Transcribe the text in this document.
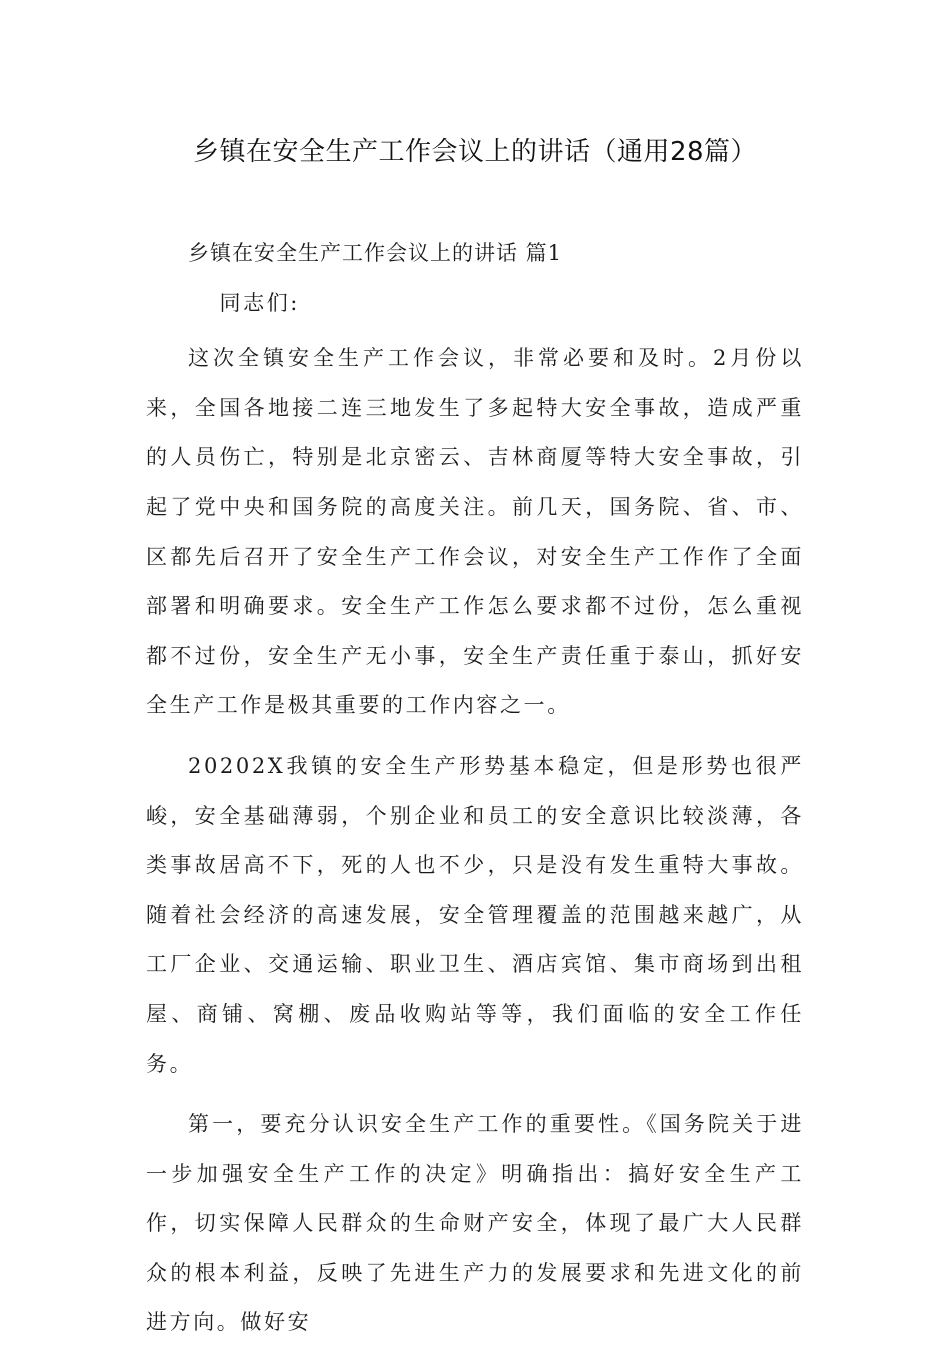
乡镇在安全生产工作会议上的讲话（通用28篇）

乡镇在安全生产工作会议上的讲话 篇1

同志们:

这次全镇安全生产工作会议，非常必要和及时。2月份以来，全国各地接二连三地发生了多起特大安全事故，造成严重的人员伤亡，特别是北京密云、吉林商厦等特大安全事故，引起了党中央和国务院的高度关注。前几天，国务院、省、市、区都先后召开了安全生产工作会议，对安全生产工作作了全面部署和明确要求。安全生产工作怎么要求都不过份，怎么重视都不过份，安全生产无小事，安全生产责任重于泰山，抓好安全生产工作是极其重要的工作内容之一。

20202X我镇的安全生产形势基本稳定，但是形势也很严峻，安全基础薄弱，个别企业和员工的安全意识比较淡薄，各类事故居高不下，死的人也不少，只是没有发生重特大事故。随着社会经济的高速发展，安全管理覆盖的范围越来越广，从工厂企业、交通运输、职业卫生、酒店宾馆、集市商场到出租屋、商铺、窝棚、废品收购站等等，我们面临的安全工作任务。

第一，要充分认识安全生产工作的重要性。《国务院关于进一步加强安全生产工作的决定》明确指出：搞好安全生产工作，切实保障人民群众的生命财产安全，体现了最广大人民群众的根本利益，反映了先进生产力的发展要求和先进文化的前进方向。做好安
